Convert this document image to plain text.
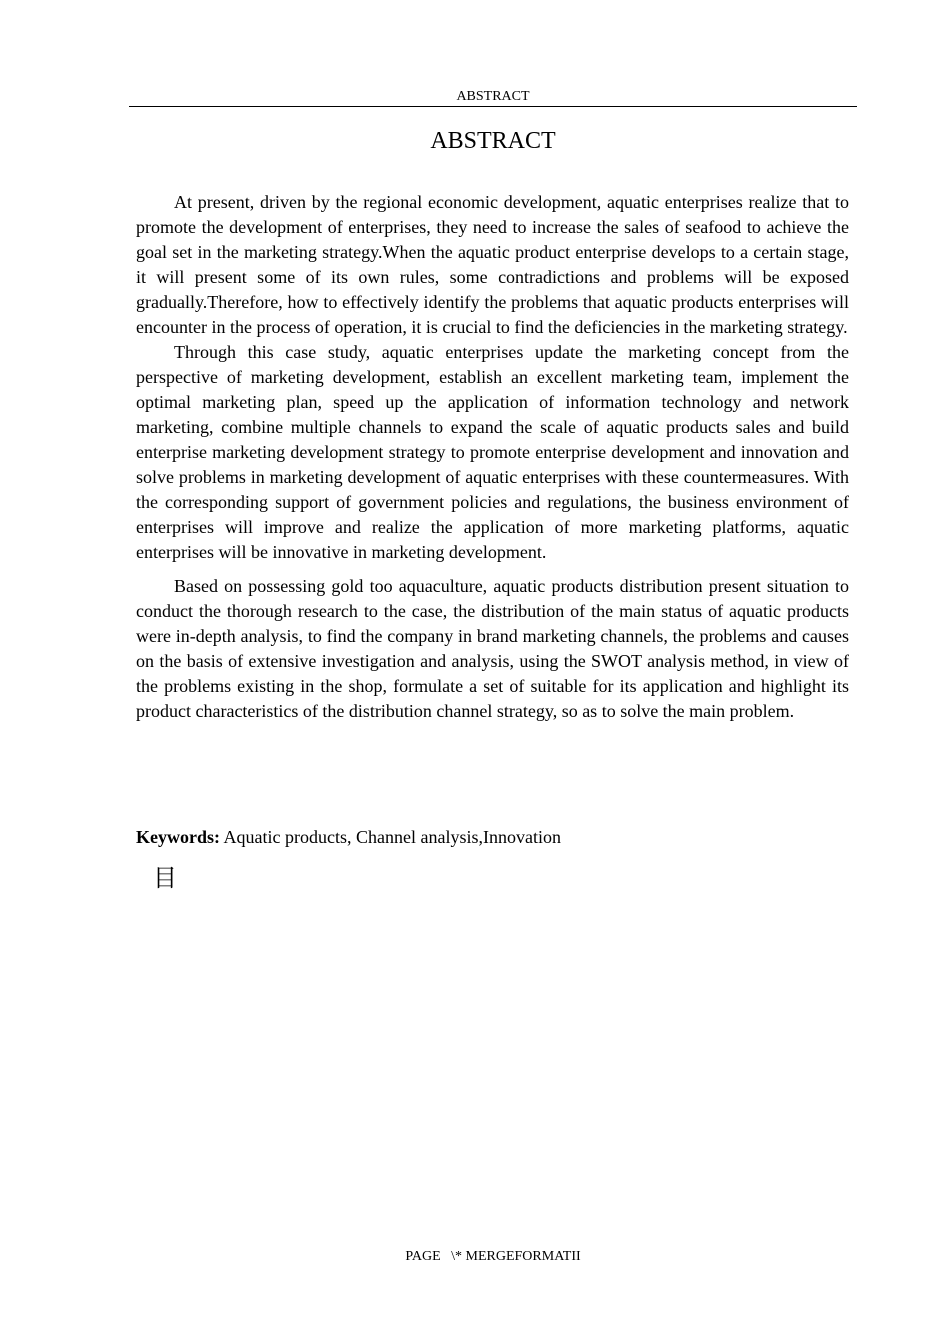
ABSTRACT
ABSTRACT

At present, driven by the regional economic development, aquatic enterprises realize that to promote the development of enterprises, they need to increase the sales of seafood to achieve the goal set in the marketing strategy.When the aquatic product enterprise develops to a certain stage, it will present some of its own rules, some contradictions and problems will be exposed gradually.Therefore, how to effectively identify the problems that aquatic products enterprises will encounter in the process of operation, it is crucial to find the deficiencies in the marketing strategy.

Through this case study, aquatic enterprises update the marketing concept from the perspective of marketing development, establish an excellent marketing team, implement the optimal marketing plan, speed up the application of information technology and network marketing, combine multiple channels to expand the scale of aquatic products sales and build enterprise marketing development strategy to promote enterprise development and innovation and solve problems in marketing development of aquatic enterprises with these countermeasures. With the corresponding support of government policies and regulations, the business environment of enterprises will improve and realize the application of more marketing platforms, aquatic enterprises will be innovative in marketing development.

Based on possessing gold too aquaculture, aquatic products distribution present situation to conduct the thorough research to the case, the distribution of the main status of aquatic products were in-depth analysis, to find the company in brand marketing channels, the problems and causes on the basis of extensive investigation and analysis, using the SWOT analysis method, in view of the problems existing in the shop, formulate a set of suitable for its application and highlight its product characteristics of the distribution channel strategy, so as to solve the main problem.

Keywords: Aquatic products, Channel analysis,Innovation
目
PAGE   \* MERGEFORMATII
